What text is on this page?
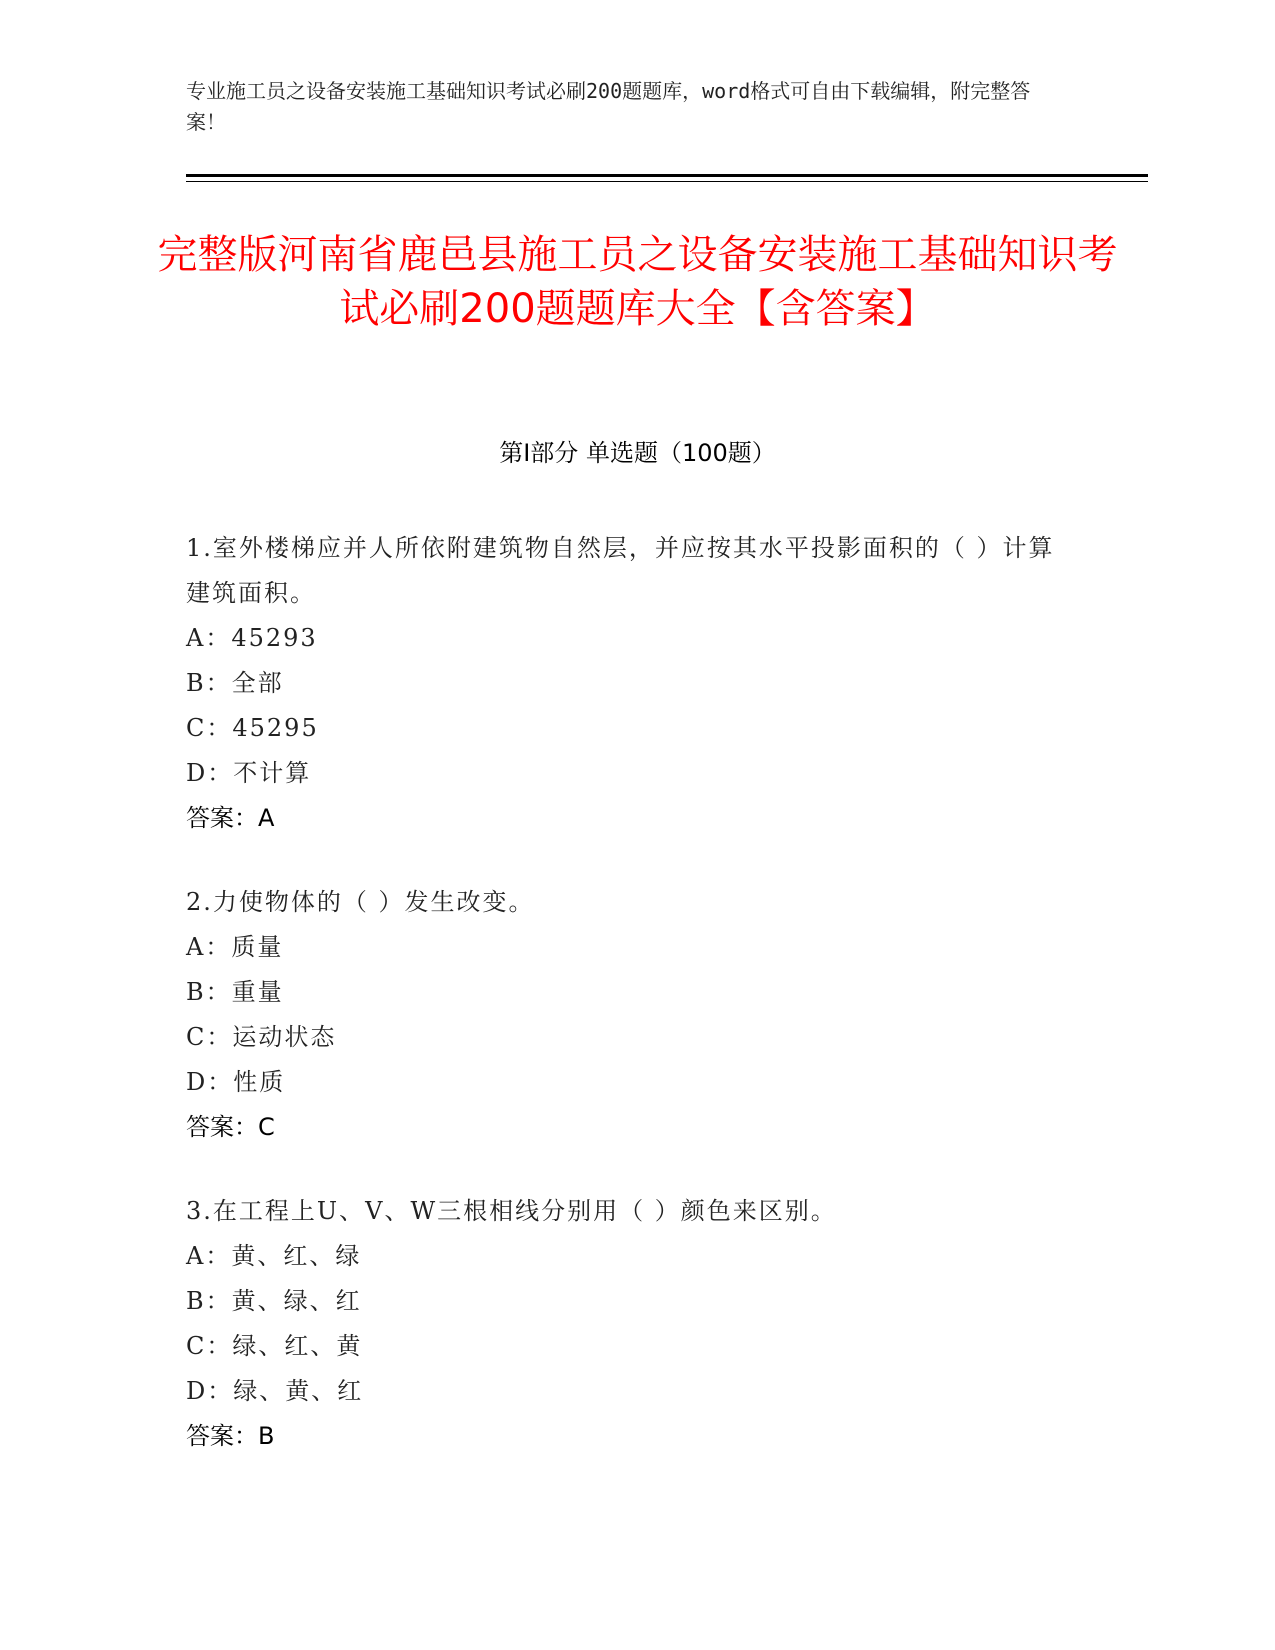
专业施工员之设备安装施工基础知识考试必刷200题题库，word格式可自由下载编辑，附完整答案！
完整版河南省鹿邑县施工员之设备安装施工基础知识考试必刷200题题库大全【含答案】
第Ⅰ部分 单选题（100题）
1.室外楼梯应并人所依附建筑物自然层，并应按其水平投影面积的（ ）计算建筑面积。
A：45293
B：全部
C：45295
D：不计算
答案：A
2.力使物体的（ ）发生改变。
A：质量
B：重量
C：运动状态
D：性质
答案：C
3.在工程上U、V、W三根相线分别用（ ）颜色来区别。
A：黄、红、绿
B：黄、绿、红
C：绿、红、黄
D：绿、黄、红
答案：B
